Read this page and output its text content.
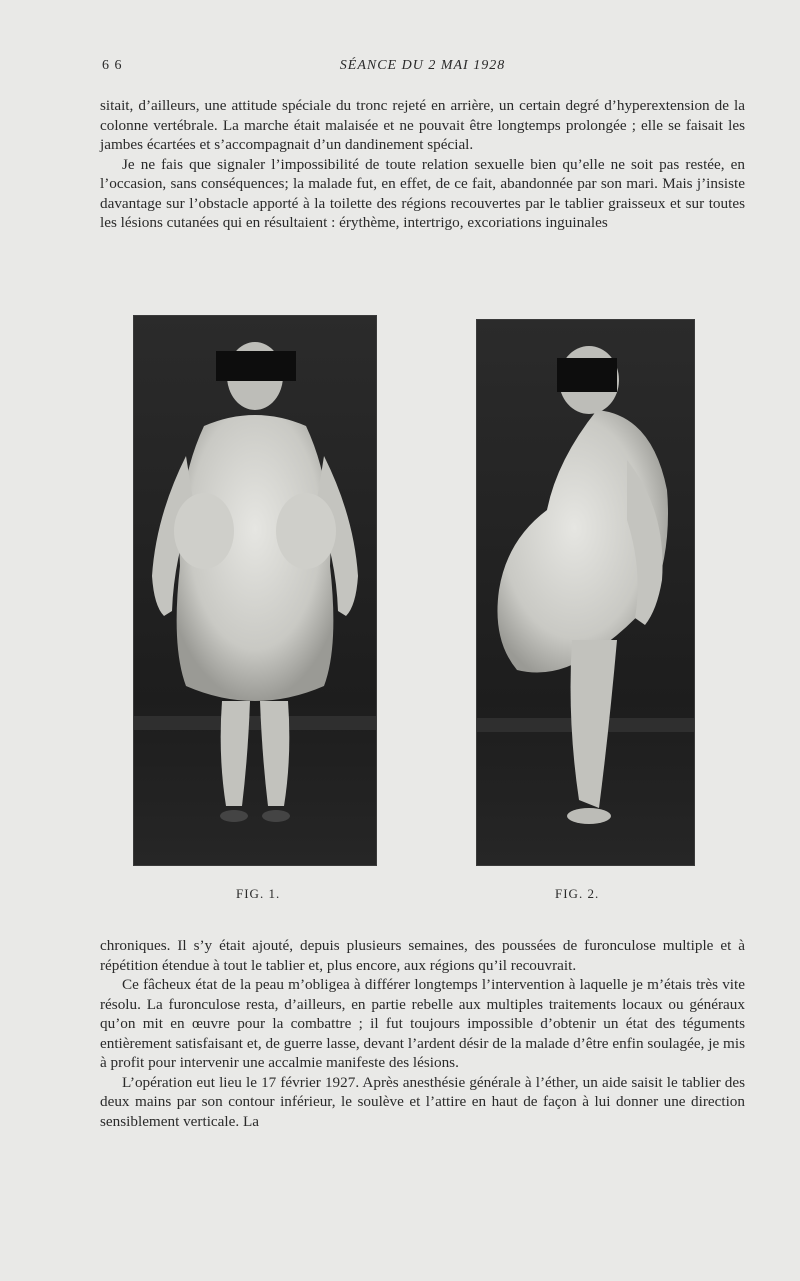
6 6	SÉANCE DU 2 MAI 1928

sitait, d’ailleurs, une attitude spéciale du tronc rejeté en arrière, un certain degré d’hyperextension de la colonne vertébrale. La marche était malaisée et ne pouvait être longtemps prolongée ; elle se faisait les jambes écartées et s’accompagnait d’un dandinement spécial.

Je ne fais que signaler l’impossibilité de toute relation sexuelle bien qu’elle ne soit pas restée, en l’occasion, sans conséquences; la malade fut, en effet, de ce fait, abandonnée par son mari. Mais j’insiste davantage sur l’obstacle apporté à la toilette des régions recouvertes par le tablier graisseux et sur toutes les lésions cutanées qui en résultaient : érythème, intertrigo, excoriations inguinales

FIG. 1.	FIG. 2.

chroniques. Il s’y était ajouté, depuis plusieurs semaines, des poussées de furonculose multiple et à répétition étendue à tout le tablier et, plus encore, aux régions qu’il recouvrait.

Ce fâcheux état de la peau m’obligea à différer longtemps l’intervention à laquelle je m’étais très vite résolu. La furonculose resta, d’ailleurs, en partie rebelle aux multiples traitements locaux ou généraux qu’on mit en œuvre pour la combattre ; il fut toujours impossible d’obtenir un état des téguments entièrement satisfaisant et, de guerre lasse, devant l’ardent désir de la malade d’être enfin soulagée, je mis à profit pour intervenir une accalmie manifeste des lésions.

L’opération eut lieu le 17 février 1927. Après anesthésie générale à l’éther, un aide saisit le tablier des deux mains par son contour inférieur, le soulève et l’attire en haut de façon à lui donner une direction sensiblement verticale. La
